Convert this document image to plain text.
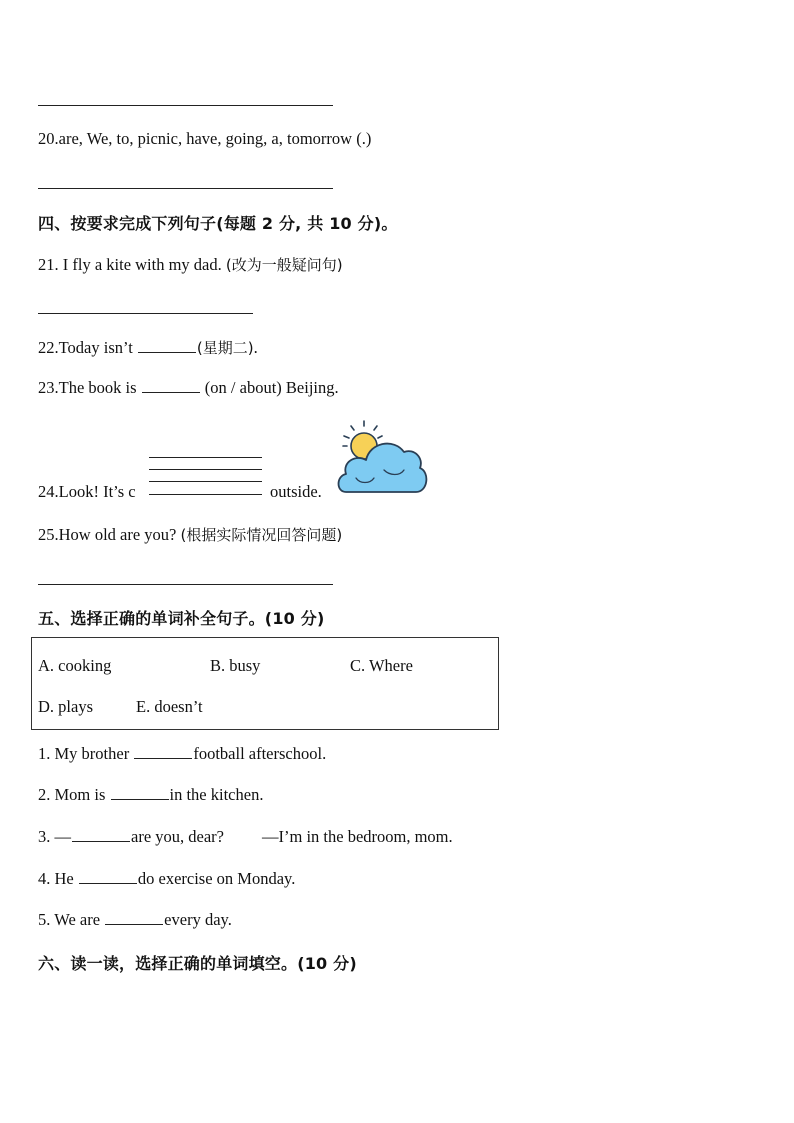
20.are, We, to, picnic, have, going, a, tomorrow (.)
四、按要求完成下列句子(每题 2 分, 共 10 分)。
21. I fly a kite with my dad. (改为一般疑问句)
22.Today isn’t	(星期二).
23.The book is	(on / about) Beijing.
24.Look! It’s c	outside.
25.How old are you? (根据实际情况回答问题)
五、选择正确的单词补全句子。(10 分)
A. cooking	B. busy	C. Where
D. plays	E. doesn’t
1. My brother	football afterschool.
2. Mom is	in the kitchen.
3. —	are you, dear? —I’m in the bedroom, mom.
4. He	do exercise on Monday.
5. We are	every day.
六、读一读，选择正确的单词填空。(10 分)
